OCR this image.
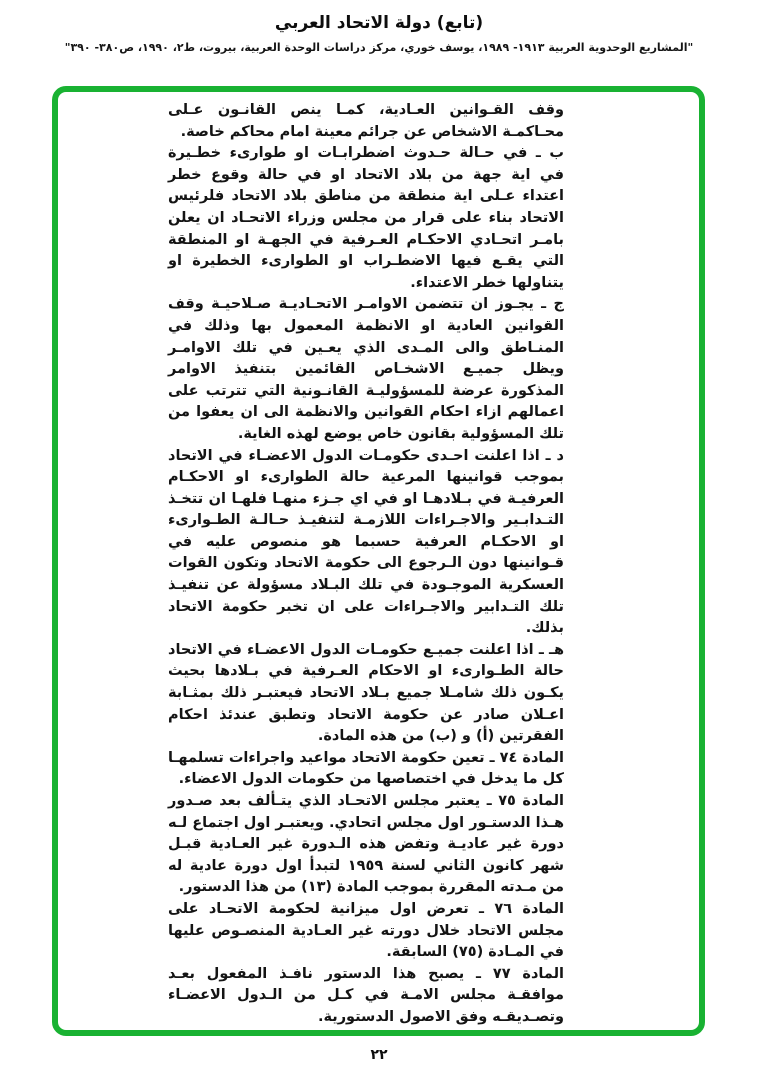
(تابع) دولة الاتحاد العربي
"المشاريع الوحدوية العربية ١٩١٣- ١٩٨٩، يوسف خوري، مركز دراسات الوحدة العربية، بيروت، ط٢، ١٩٩٠، ص٣٨٠- ٣٩٠"

وقف القـوانين العـادية، كمـا ينص القانـون عـلى محـاكمـة الاشخاص عن جرائم معينة امام محاكم خاصة.

ب ـ في حـالة حـدوث اضطرابـات او طوارىء خطـيرة في اية جهة من بلاد الاتحاد او في حالة وقوع خطر اعتداء عـلى اية منطقة من مناطق بلاد الاتحاد فلرئيس الاتحاد بناء على قرار من مجلس وزراء الاتحـاد ان يعلن بامـر اتحـادي الاحكـام العـرفية في الجهـة او المنطقة التي يقـع فيها الاضطـراب او الطوارىء الخطيرة او يتناولها خطر الاعتداء.

ج ـ يجـوز ان تتضمن الاوامـر الاتحـاديـة صـلاحيـة وقف القوانين العادية او الانظمة المعمول بها وذلك في المنـاطق والى المـدى الذي يعـين في تلك الاوامـر ويظل جميـع الاشخـاص القائمين بتنفيذ الاوامر المذكورة عرضة للمسؤوليـة القانـونية التي تترتب على اعمالهم ازاء احكام القوانين والانظمة الى ان يعفوا من تلك المسؤولية بقانون خاص يوضع لهذه الغاية.

د ـ اذا اعلنت احـدى حكومـات الدول الاعضـاء في الاتحاد بموجب قوانينها المرعية حالة الطوارىء او الاحكـام العرفيـة في بـلادهـا او في اي جـزء منهـا فلهـا ان تتخـذ التـدابـير والاجـراءات اللازمـة لتنفيـذ حـالـة الطـوارىء او الاحكـام العرفية حسبما هو منصوص عليه في قـوانينها دون الـرجوع الى حكومة الاتحاد وتكون القوات العسكرية الموجـودة في تلك البـلاد مسؤولة عن تنفيـذ تلك التـدابير والاجـراءات على ان تخبر حكومة الاتحاد بذلك.

هـ ـ اذا اعلنت جميـع حكومـات الدول الاعضـاء في الاتحاد حالة الطـوارىء او الاحكام العـرفية في بـلادها بحيث يكـون ذلك شامـلا جميع بـلاد الاتحاد فيعتبـر ذلك بمثـابة اعـلان صادر عن حكومة الاتحاد وتطبق عندئذ احكام الفقرتين (أ) و (ب) من هذه المادة.

المادة ٧٤ ـ تعين حكومة الاتحاد مواعيد واجراءات تسلمهـا كل ما يدخل في اختصاصها من حكومات الدول الاعضاء.

المادة ٧٥ ـ يعتبر مجلس الاتحـاد الذي يتـألف بعد صـدور هـذا الدستـور اول مجلس اتحادي. ويعتبـر اول اجتماع لـه دورة غير عاديـة وتفض هذه الـدورة غير العـادية قبـل شهر كانون الثاني لسنة ١٩٥٩ لتبدأ اول دورة عادية له من مـدته المقررة بموجب المادة (١٣) من هذا الدستور.

المادة ٧٦ ـ تعرض اول ميزانية لحكومة الاتحـاد على مجلس الاتحاد خلال دورته غير العـادية المنصـوص عليها في المـادة (٧٥) السابقة.

المادة ٧٧ ـ يصبح هذا الدستور نافـذ المفعول بعـد موافقـة مجلس الامـة في كـل من الـدول الاعضـاء وتصـديقـه وفق الاصول الدستورية.

٢٢
